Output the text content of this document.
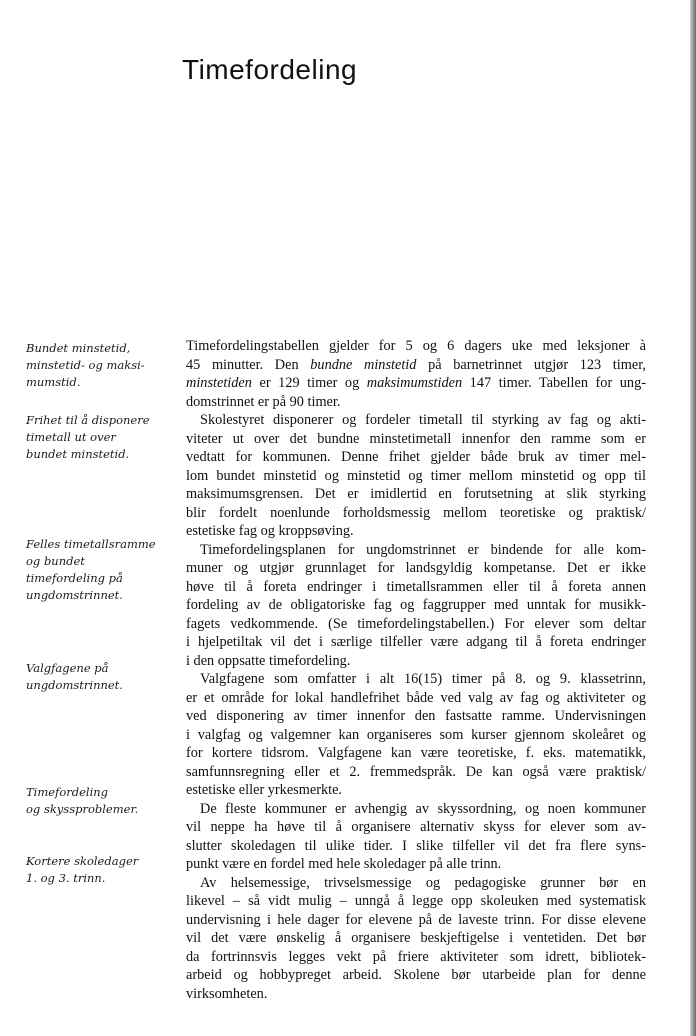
Timefordeling
Bundet minstetid,
minstetid- og maksi-
mumstid.
Frihet til å disponere
timetall ut over
bundet minstetid.
Felles timetallsramme
og bundet
timefordeling på
ungdomstrinnet.
Valgfagene på
ungdomstrinnet.
Timefordeling
og skyssproblemer.
Kortere skoledager
1. og 3. trinn.
Timefordelingstabellen gjelder for 5 og 6 dagers uke med leksjoner à
45 minutter. Den bundne minstetid på barnetrinnet utgjør 123 timer,
minstetiden er 129 timer og maksimumstiden 147 timer. Tabellen for ung-
domstrinnet er på 90 timer.
Skolestyret disponerer og fordeler timetall til styrking av fag og akti-
viteter ut over det bundne minstetimetall innenfor den ramme som er
vedtatt for kommunen. Denne frihet gjelder både bruk av timer mel-
lom bundet minstetid og minstetid og timer mellom minstetid og opp til
maksimumsgrensen. Det er imidlertid en forutsetning at slik styrking
blir fordelt noenlunde forholdsmessig mellom teoretiske og praktisk/
estetiske fag og kroppsøving.
Timefordelingsplanen for ungdomstrinnet er bindende for alle kom-
muner og utgjør grunnlaget for landsgyldig kompetanse. Det er ikke
høve til å foreta endringer i timetallsrammen eller til å foreta annen
fordeling av de obligatoriske fag og faggrupper med unntak for musikk-
fagets vedkommende. (Se timefordelingstabellen.) For elever som deltar
i hjelpetiltak vil det i særlige tilfeller være adgang til å foreta endringer
i den oppsatte timefordeling.
Valgfagene som omfatter i alt 16(15) timer på 8. og 9. klassetrinn,
er et område for lokal handlefrihet både ved valg av fag og aktiviteter og
ved disponering av timer innenfor den fastsatte ramme. Undervisningen
i valgfag og valgemner kan organiseres som kurser gjennom skoleåret og
for kortere tidsrom. Valgfagene kan være teoretiske, f. eks. matematikk,
samfunnsregning eller et 2. fremmedspråk. De kan også være praktisk/
estetiske eller yrkesmerkte.
De fleste kommuner er avhengig av skyssordning, og noen kommuner
vil neppe ha høve til å organisere alternativ skyss for elever som av-
slutter skoledagen til ulike tider. I slike tilfeller vil det fra flere syns-
punkt være en fordel med hele skoledager på alle trinn.
Av helsemessige, trivselsmessige og pedagogiske grunner bør en
likevel – så vidt mulig – unngå å legge opp skoleuken med systematisk
undervisning i hele dager for elevene på de laveste trinn. For disse elevene
vil det være ønskelig å organisere beskjeftigelse i ventetiden. Det bør
da fortrinnsvis legges vekt på friere aktiviteter som idrett, bibliotek-
arbeid og hobbypreget arbeid. Skolene bør utarbeide plan for denne
virksomheten.
